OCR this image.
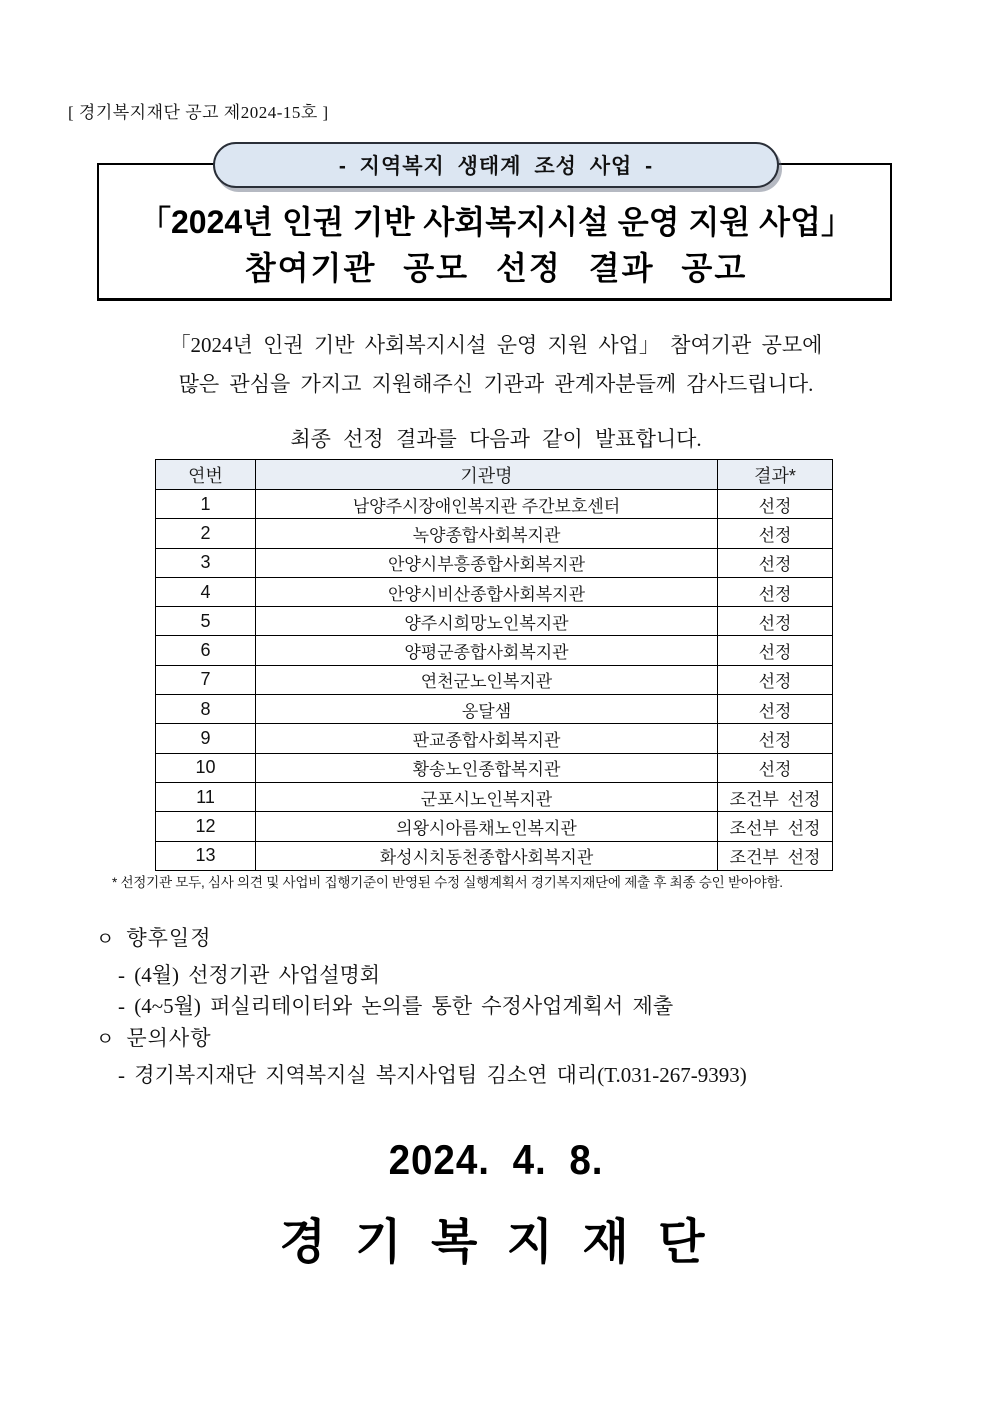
[ 경기복지재단 공고 제2024-15호 ]
- 지역복지 생태계 조성 사업 -
「2024년 인권 기반 사회복지시설 운영 지원 사업」
참여기관 공모 선정 결과 공고
「2024년 인권 기반 사회복지시설 운영 지원 사업」 참여기관 공모에
많은 관심을 가지고 지원해주신 기관과 관계자분들께 감사드립니다.
최종 선정 결과를 다음과 같이 발표합니다.
연번	기관명	결과*
1	남양주시장애인복지관 주간보호센터	선정
2	녹양종합사회복지관	선정
3	안양시부흥종합사회복지관	선정
4	안양시비산종합사회복지관	선정
5	양주시희망노인복지관	선정
6	양평군종합사회복지관	선정
7	연천군노인복지관	선정
8	옹달샘	선정
9	판교종합사회복지관	선정
10	황송노인종합복지관	선정
11	군포시노인복지관	조건부 선정
12	의왕시아름채노인복지관	조선부 선정
13	화성시치동천종합사회복지관	조건부 선정
* 선정기관 모두, 심사 의견 및 사업비 집행기준이 반영된 수정 실행계획서 경기복지재단에 제출 후 최종 승인 받아야함.
ㅇ 향후일정
- (4월) 선정기관 사업설명회
- (4~5월) 퍼실리테이터와 논의를 통한 수정사업계획서 제출
ㅇ 문의사항
- 경기복지재단 지역복지실 복지사업팀 김소연 대리(T.031-267-9393)
2024. 4. 8.
경 기 복 지 재 단
